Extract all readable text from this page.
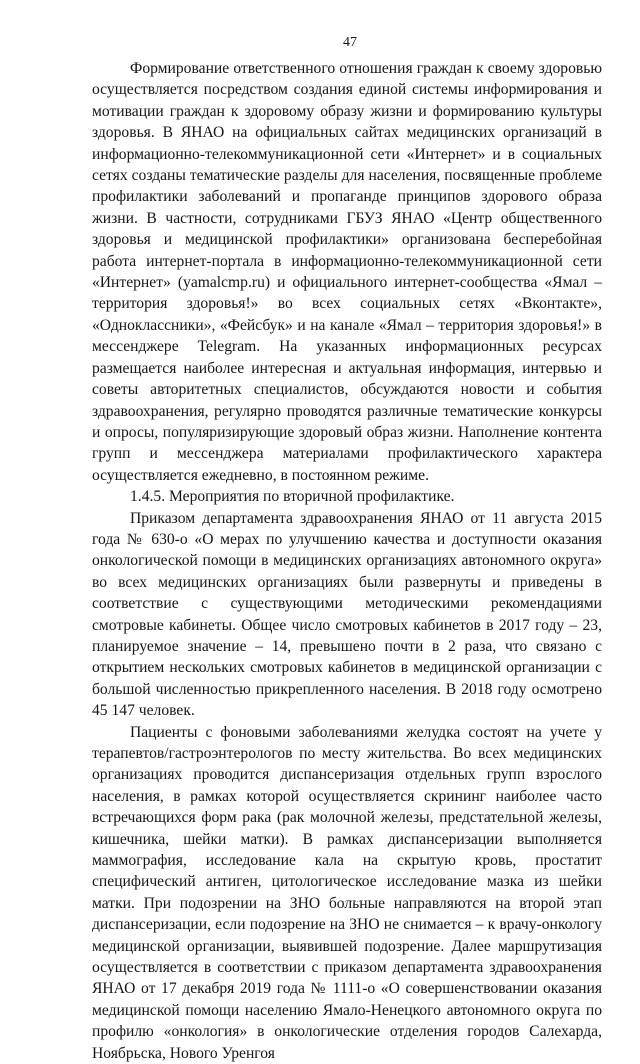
47

Формирование ответственного отношения граждан к своему здоровью осуществляется посредством создания единой системы информирования и мотивации граждан к здоровому образу жизни и формированию культуры здоровья. В ЯНАО на официальных сайтах медицинских организаций в информационно-телекоммуникационной сети «Интернет» и в социальных сетях созданы тематические разделы для населения, посвященные проблеме профилактики заболеваний и пропаганде принципов здорового образа жизни. В частности, сотрудниками ГБУЗ ЯНАО «Центр общественного здоровья и медицинской профилактики» организована бесперебойная работа интернет-портала в информационно-телекоммуникационной сети «Интернет» (yamalcmp.ru) и официального интернет-сообщества «Ямал – территория здоровья!» во всех социальных сетях «Вконтакте», «Одноклассники», «Фейсбук» и на канале «Ямал – территория здоровья!» в мессенджере Telegram. На указанных информационных ресурсах размещается наиболее интересная и актуальная информация, интервью и советы авторитетных специалистов, обсуждаются новости и события здравоохранения, регулярно проводятся различные тематические конкурсы и опросы, популяризирующие здоровый образ жизни. Наполнение контента групп и мессенджера материалами профилактического характера осуществляется ежедневно, в постоянном режиме.

1.4.5. Мероприятия по вторичной профилактике.

Приказом департамента здравоохранения ЯНАО от 11 августа 2015 года № 630-о «О мерах по улучшению качества и доступности оказания онкологической помощи в медицинских организациях автономного округа» во всех медицинских организациях были развернуты и приведены в соответствие с существующими методическими рекомендациями смотровые кабинеты. Общее число смотровых кабинетов в 2017 году – 23, планируемое значение – 14, превышено почти в 2 раза, что связано с открытием нескольких смотровых кабинетов в медицинской организации с большой численностью прикрепленного населения. В 2018 году осмотрено 45 147 человек.

Пациенты с фоновыми заболеваниями желудка состоят на учете у терапевтов/гастроэнтерологов по месту жительства. Во всех медицинских организациях проводится диспансеризация отдельных групп взрослого населения, в рамках которой осуществляется скрининг наиболее часто встречающихся форм рака (рак молочной железы, предстательной железы, кишечника, шейки матки). В рамках диспансеризации выполняется маммография, исследование кала на скрытую кровь, простатит специфический антиген, цитологическое исследование мазка из шейки матки. При подозрении на ЗНО больные направляются на второй этап диспансеризации, если подозрение на ЗНО не снимается – к врачу-онкологу медицинской организации, выявившей подозрение. Далее маршрутизация осуществляется в соответствии с приказом департамента здравоохранения ЯНАО от 17 декабря 2019 года № 1111-о «О совершенствовании оказания медицинской помощи населению Ямало-Ненецкого автономного округа по профилю «онкология» в онкологические отделения городов Салехарда, Ноябрьска, Нового Уренгоя
